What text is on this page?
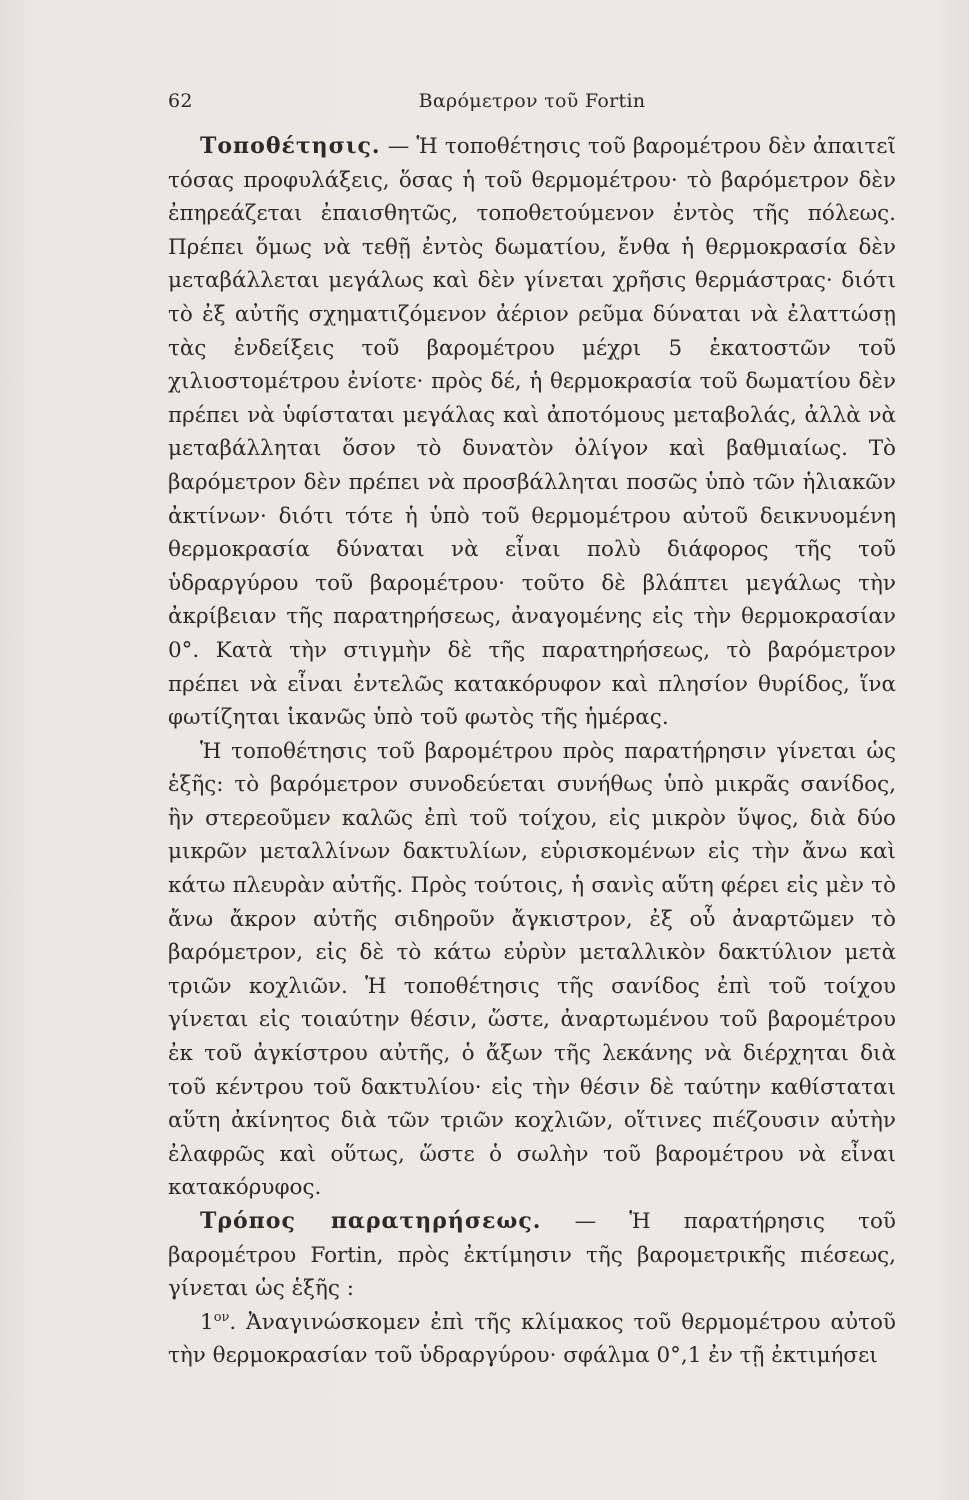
62	Βαρόμετρον τοῦ Fortin

Τοποθέτησις. — Ἡ τοποθέτησις τοῦ βαρομέτρου δὲν ἀπαιτεῖ τόσας προφυλάξεις, ὅσας ἡ τοῦ θερμομέτρου· τὸ βαρόμετρον δὲν ἐπηρεάζεται ἐπαισθητῶς, τοποθετούμενον ἐντὸς τῆς πόλεως. Πρέπει ὅμως νὰ τεθῇ ἐντὸς δωματίου, ἔνθα ἡ θερμοκρασία δὲν μεταβάλλεται μεγάλως καὶ δὲν γίνεται χρῆσις θερμάστρας· διότι τὸ ἐξ αὐτῆς σχηματιζόμενον ἀέριον ρεῦμα δύναται νὰ ἐλαττώσῃ τὰς ἐνδείξεις τοῦ βαρομέτρου μέχρι 5 ἑκατοστῶν τοῦ χιλιοστομέτρου ἐνίοτε· πρὸς δέ, ἡ θερμοκρασία τοῦ δωματίου δὲν πρέπει νὰ ὑφίσταται μεγάλας καὶ ἀποτόμους μεταβολάς, ἀλλὰ νὰ μεταβάλληται ὅσον τὸ δυνατὸν ὀλίγον καὶ βαθμιαίως. Τὸ βαρόμετρον δὲν πρέπει νὰ προσβάλληται ποσῶς ὑπὸ τῶν ἡλιακῶν ἀκτίνων· διότι τότε ἡ ὑπὸ τοῦ θερμομέτρου αὐτοῦ δεικνυομένη θερμοκρασία δύναται νὰ εἶναι πολὺ διάφορος τῆς τοῦ ὑδραργύρου τοῦ βαρομέτρου· τοῦτο δὲ βλάπτει μεγάλως τὴν ἀκρίβειαν τῆς παρατηρήσεως, ἀναγομένης εἰς τὴν θερμοκρασίαν 0°. Κατὰ τὴν στιγμὴν δὲ τῆς παρατηρήσεως, τὸ βαρόμετρον πρέπει νὰ εἶναι ἐντελῶς κατακόρυφον καὶ πλησίον θυρίδος, ἵνα φωτίζηται ἱκανῶς ὑπὸ τοῦ φωτὸς τῆς ἡμέρας.

Ἡ τοποθέτησις τοῦ βαρομέτρου πρὸς παρατήρησιν γίνεται ὡς ἑξῆς: τὸ βαρόμετρον συνοδεύεται συνήθως ὑπὸ μικρᾶς σανίδος, ἣν στερεοῦμεν καλῶς ἐπὶ τοῦ τοίχου, εἰς μικρὸν ὕψος, διὰ δύο μικρῶν μεταλλίνων δακτυλίων, εὑρισκομένων εἰς τὴν ἄνω καὶ κάτω πλευρὰν αὐτῆς. Πρὸς τούτοις, ἡ σανὶς αὕτη φέρει εἰς μὲν τὸ ἄνω ἄκρον αὐτῆς σιδηροῦν ἄγκιστρον, ἐξ οὗ ἀναρτῶμεν τὸ βαρόμετρον, εἰς δὲ τὸ κάτω εὐρὺν μεταλλικὸν δακτύλιον μετὰ τριῶν κοχλιῶν. Ἡ τοποθέτησις τῆς σανίδος ἐπὶ τοῦ τοίχου γίνεται εἰς τοιαύτην θέσιν, ὥστε, ἀναρτωμένου τοῦ βαρομέτρου ἐκ τοῦ ἀγκίστρου αὐτῆς, ὁ ἄξων τῆς λεκάνης νὰ διέρχηται διὰ τοῦ κέντρου τοῦ δακτυλίου· εἰς τὴν θέσιν δὲ ταύτην καθίσταται αὕτη ἀκίνητος διὰ τῶν τριῶν κοχλιῶν, οἵτινες πιέζουσιν αὐτὴν ἐλαφρῶς καὶ οὕτως, ὥστε ὁ σωλὴν τοῦ βαρομέτρου νὰ εἶναι κατακόρυφος.

Τρόπος παρατηρήσεως. — Ἡ παρατήρησις τοῦ βαρομέτρου Fortin, πρὸς ἐκτίμησιν τῆς βαρομετρικῆς πιέσεως, γίνεται ὡς ἑξῆς :

$1^{o\nu}$. Ἀναγινώσκομεν ἐπὶ τῆς κλίμακος τοῦ θερμομέτρου αὐτοῦ τὴν θερμοκρασίαν τοῦ ὑδραργύρου· σφάλμα 0°,1 ἐν τῇ ἐκτιμήσει
